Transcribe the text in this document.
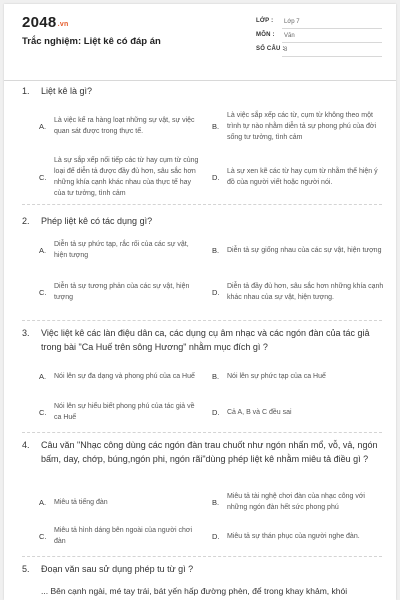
2048.vn
Trắc nghiệm: Liệt kê có đáp án
LỚP : Lớp 7
MÔN : Văn
SỐ CÂU : 8
1. Liệt kê là gì?
A.
Là việc kể ra hàng loạt những sự vật, sự việc quan sát được trong thực tế.
B.
Là việc sắp xếp các từ, cụm từ không theo một trình tự nào nhằm diễn tả sự phong phú của đời sống tư tưởng, tình cảm
C.
Là sự sắp xếp nối tiếp các từ hay cụm từ cùng loại để diễn tả được đầy đủ hơn, sâu sắc hơn những khía cạnh khác nhau của thực tế hay của tư tưởng, tình cảm
D.
Là sự xen kẽ các từ hay cụm từ nhằm thể hiện ý đồ của người viết hoặc người nói.
2. Phép liệt kê có tác dụng gì?
A.
Diễn tả sự phức tạp, rắc rối của các sự vật, hiện tượng
B.	Diễn tả sự giống nhau của các sự vật, hiện tượng
C.
Diễn tả sự tương phản của các sự vật, hiện tượng
D.
Diễn tả đầy đủ hơn, sâu sắc hơn những khía cạnh khác nhau của sự vật, hiện tượng.
3. Việc liệt kê các làn điệu dân ca, các dụng cụ âm nhạc và các ngón đàn của tác giả trong bài "Ca Huế trên sông Hương" nhằm mục đích gì ?
A.	Nói lên sự đa dạng và phong phú của ca Huế B.	Nói lên sự phức tạp của ca Huế
C.
Nói lên sự hiểu biết phong phú của tác giả về ca Huế
D.	Cả A, B và C đều sai
4. Câu văn "Nhạc công dùng các ngón đàn trau chuốt như ngón nhấn mổ, vỗ, vả, ngón bấm, day, chớp, búng,ngón phi, ngón rãi"dùng phép liệt kê nhằm miêu tả điều gì ?
A.	Miêu tả tiếng đàn	B.
Miêu tả tài nghệ chơi đàn của nhạc công với những ngón đàn hết sức phong phú
C.
Miêu tả hình dáng bên ngoài của người chơi đàn
D.	Miêu tả sự thán phục của người nghe đàn.
5. Đoạn văn sau sử dụng phép tu từ gì ?
... Bên cạnh ngài, mé tay trái, bát yến hấp đường phèn, để trong khay khảm, khói
